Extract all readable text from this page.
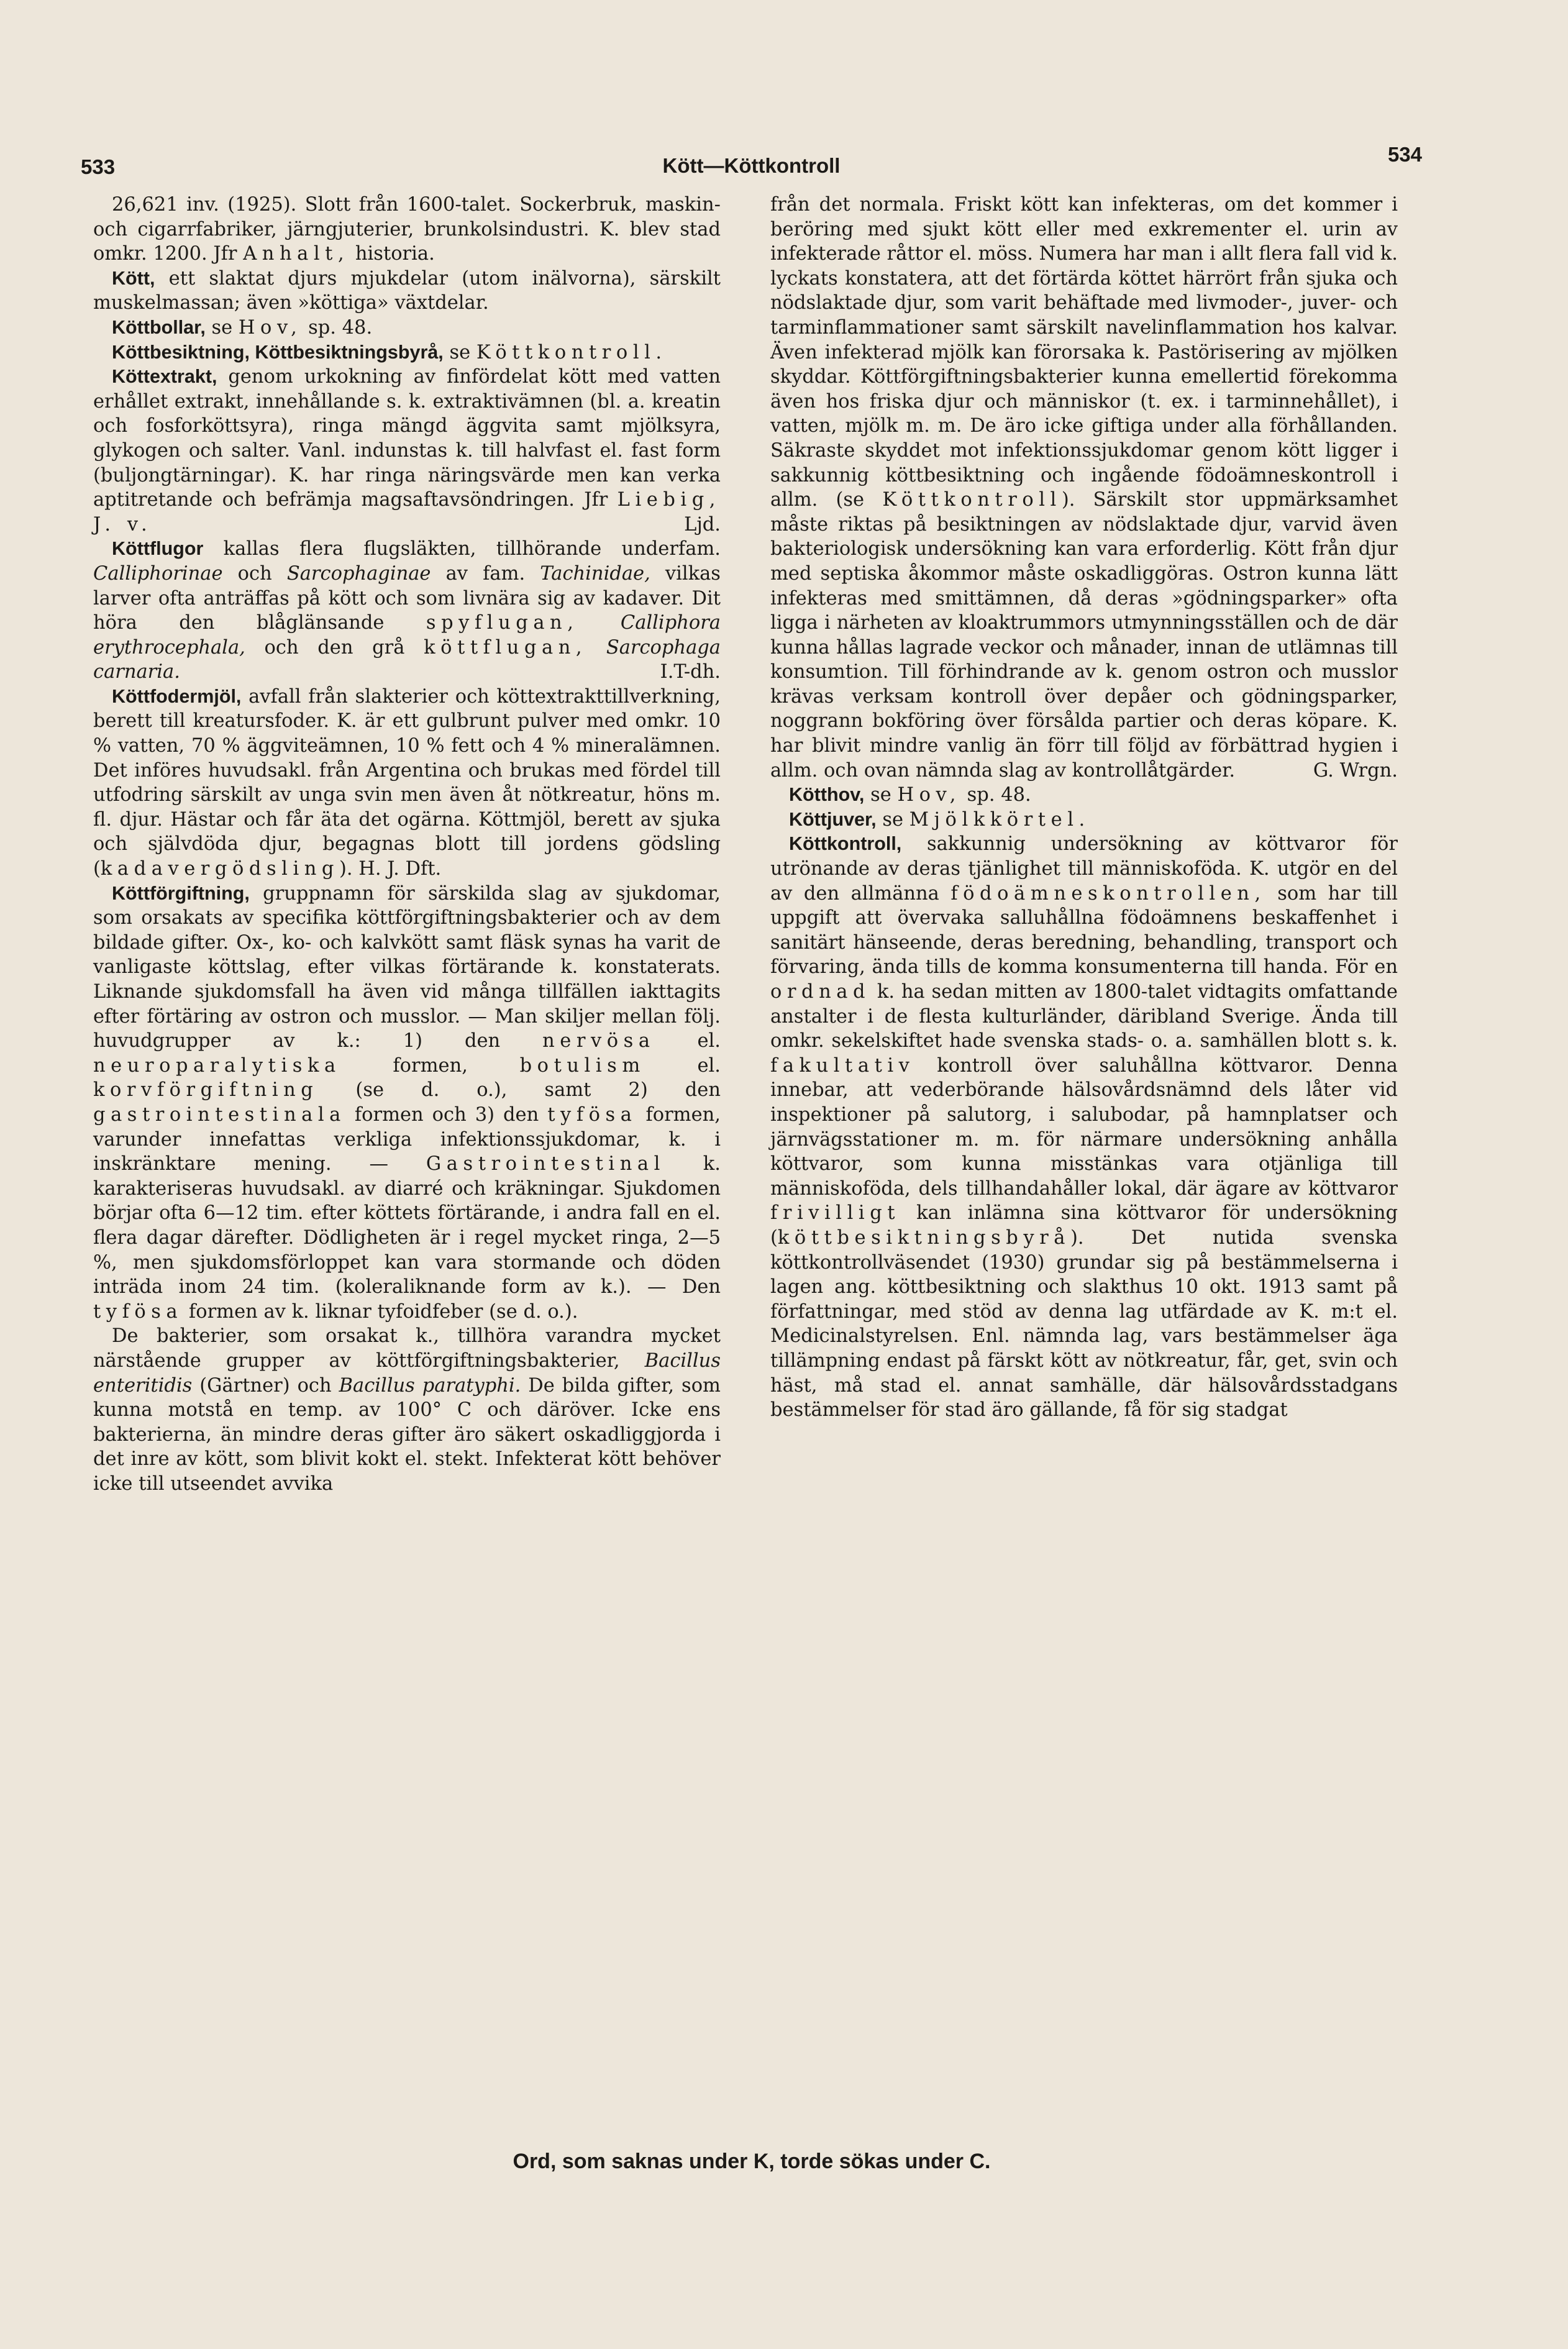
533	Kött—Köttkontroll	534

26,621 inv. (1925). Slott från 1600-talet. Sockerbruk, maskin- och cigarrfabriker, järngjuterier, brunkolsindustri. K. blev stad omkr. 1200. Jfr Anhalt, historia.

Kött, ett slaktat djurs mjukdelar (utom inälvorna), särskilt muskelmassan; även »köttiga» växtdelar.

Köttbollar, se Hov, sp. 48.

Köttbesiktning, Köttbesiktningsbyrå, se Köttkontroll.

Köttextrakt, genom urkokning av finfördelat kött med vatten erhållet extrakt, innehållande s. k. extraktivämnen (bl. a. kreatin och fosforköttsyra), ringa mängd äggvita samt mjölksyra, glykogen och salter. Vanl. indunstas k. till halvfast el. fast form (buljongtärningar). K. har ringa näringsvärde men kan verka aptitretande och befrämja magsaftavsöndringen. Jfr Liebig, J. v.	Ljd.

Köttflugor kallas flera flugsläkten, tillhörande underfam. Calliphorinae och Sarcophaginae av fam. Tachinidae, vilkas larver ofta anträffas på kött och som livnära sig av kadaver. Dit höra den blåglänsande spyflugan, Calliphora erythrocephala, och den grå köttflugan, Sarcophaga carnaria.	I.T-dh.

Köttfodermjöl, avfall från slakterier och köttextrakttillverkning, berett till kreatursfoder. K. är ett gulbrunt pulver med omkr. 10 % vatten, 70 % äggviteämnen, 10 % fett och 4 % mineralämnen. Det införes huvudsakl. från Argentina och brukas med fördel till utfodring särskilt av unga svin men även åt nötkreatur, höns m. fl. djur. Hästar och får äta det ogärna. Köttmjöl, berett av sjuka och självdöda djur, begagnas blott till jordens gödsling (kadavergödsling). H. J. Dft.

Köttförgiftning, gruppnamn för särskilda slag av sjukdomar, som orsakats av specifika köttförgiftningsbakterier och av dem bildade gifter. Ox-, ko- och kalvkött samt fläsk synas ha varit de vanligaste köttslag, efter vilkas förtärande k. konstaterats. Liknande sjukdomsfall ha även vid många tillfällen iakttagits efter förtäring av ostron och musslor. — Man skiljer mellan följ. huvudgrupper av k.: 1) den nervösa el. neuroparalytiska	formen,	botulism	el. korvförgiftning (se d. o.), samt 2) den gastrointestinala formen och 3) den tyfösa formen, varunder innefattas verkliga infektionssjukdomar, k. i inskränktare mening. — Gastrointestinal k. karakteriseras huvudsakl. av diarré och kräkningar. Sjukdomen börjar ofta 6—12 tim. efter köttets förtärande, i andra fall en el. flera dagar därefter. Dödligheten är i regel mycket ringa, 2—5 %, men sjukdomsförloppet kan vara stormande och döden inträda inom 24 tim. (koleraliknande form av k.). — Den tyfösa formen av k. liknar tyfoidfeber (se d. o.).

De bakterier, som orsakat k., tillhöra varandra mycket närstående grupper av köttförgiftningsbakterier, Bacillus enteritidis (Gärtner) och Bacillus paratyphi. De bilda gifter, som kunna motstå en temp. av 100° C och däröver. Icke ens bakterierna, än mindre deras gifter äro säkert oskadliggjorda i det inre av kött, som blivit kokt el. stekt. Infekterat kött behöver icke till utseendet avvika

från det normala. Friskt kött kan infekteras, om det kommer i beröring med sjukt kött eller med exkrementer el. urin av infekterade råttor el. möss. Numera har man i allt flera fall vid k. lyckats konstatera, att det förtärda köttet härrört från sjuka och nödslaktade djur, som varit behäftade med livmoder-, juver- och tarminflammationer samt särskilt navelinflammation hos kalvar. Även infekterad mjölk kan förorsaka k. Pastörisering av mjölken skyddar. Köttförgiftningsbakterier kunna emellertid förekomma även hos friska djur och människor (t. ex. i tarminnehållet), i vatten, mjölk m. m. De äro icke giftiga under alla förhållanden. Säkraste skyddet mot infektionssjukdomar genom kött ligger i sakkunnig köttbesiktning och ingående födoämneskontroll i allm. (se Köttkontroll). Särskilt stor uppmärksamhet måste riktas på besiktningen av nödslaktade djur, varvid även bakteriologisk undersökning kan vara erforderlig. Kött från djur med septiska åkommor måste oskadliggöras. Ostron kunna lätt infekteras med smittämnen, då deras »gödningsparker» ofta ligga i närheten av kloaktrummors utmynningsställen och de där kunna hållas lagrade veckor och månader, innan de utlämnas till konsumtion. Till förhindrande av k. genom ostron och musslor krävas verksam kontroll över depåer och gödningsparker, noggrann bokföring över försålda partier och deras köpare. K. har blivit mindre vanlig än förr till följd av förbättrad hygien i allm. och ovan nämnda slag av kontrollåtgärder.	G. Wrgn.

Kötthov, se Hov, sp. 48.

Köttjuver, se Mjölkkörtel.

Köttkontroll, sakkunnig undersökning av köttvaror för utrönande av deras tjänlighet till människoföda. K. utgör en del av den allmänna födoämneskontrollen, som har till uppgift att övervaka salluhållna födoämnens beskaffenhet i sanitärt hänseende, deras beredning, behandling, transport och förvaring, ända tills de komma konsumenterna till handa. För en ordnad k. ha sedan mitten av 1800-talet vidtagits omfattande anstalter i de flesta kulturländer, däribland Sverige. Ända till omkr. sekelskiftet hade svenska stads- o. a. samhällen blott s. k. fakultativ kontroll över saluhållna köttvaror. Denna innebar, att vederbörande hälsovårdsnämnd dels låter vid inspektioner på salutorg, i salubodar, på hamnplatser och järnvägsstationer m. m. för närmare undersökning anhålla köttvaror, som kunna misstänkas vara otjänliga till människoföda, dels tillhandahåller lokal, där ägare av köttvaror frivilligt kan inlämna sina köttvaror för undersökning (köttbesiktningsbyrå). Det nutida svenska köttkontrollväsendet (1930) grundar sig på bestämmelserna i lagen ang. köttbesiktning och slakthus 10 okt. 1913 samt på författningar, med stöd av denna lag utfärdade av K. m:t el. Medicinalstyrelsen. Enl. nämnda lag, vars bestämmelser äga tillämpning endast på färskt kött av nötkreatur, får, get, svin och häst, må stad el. annat samhälle, där hälsovårdsstadgans bestämmelser för stad äro gällande, få för sig stadgat

Ord, som saknas under K, torde sökas under C.
